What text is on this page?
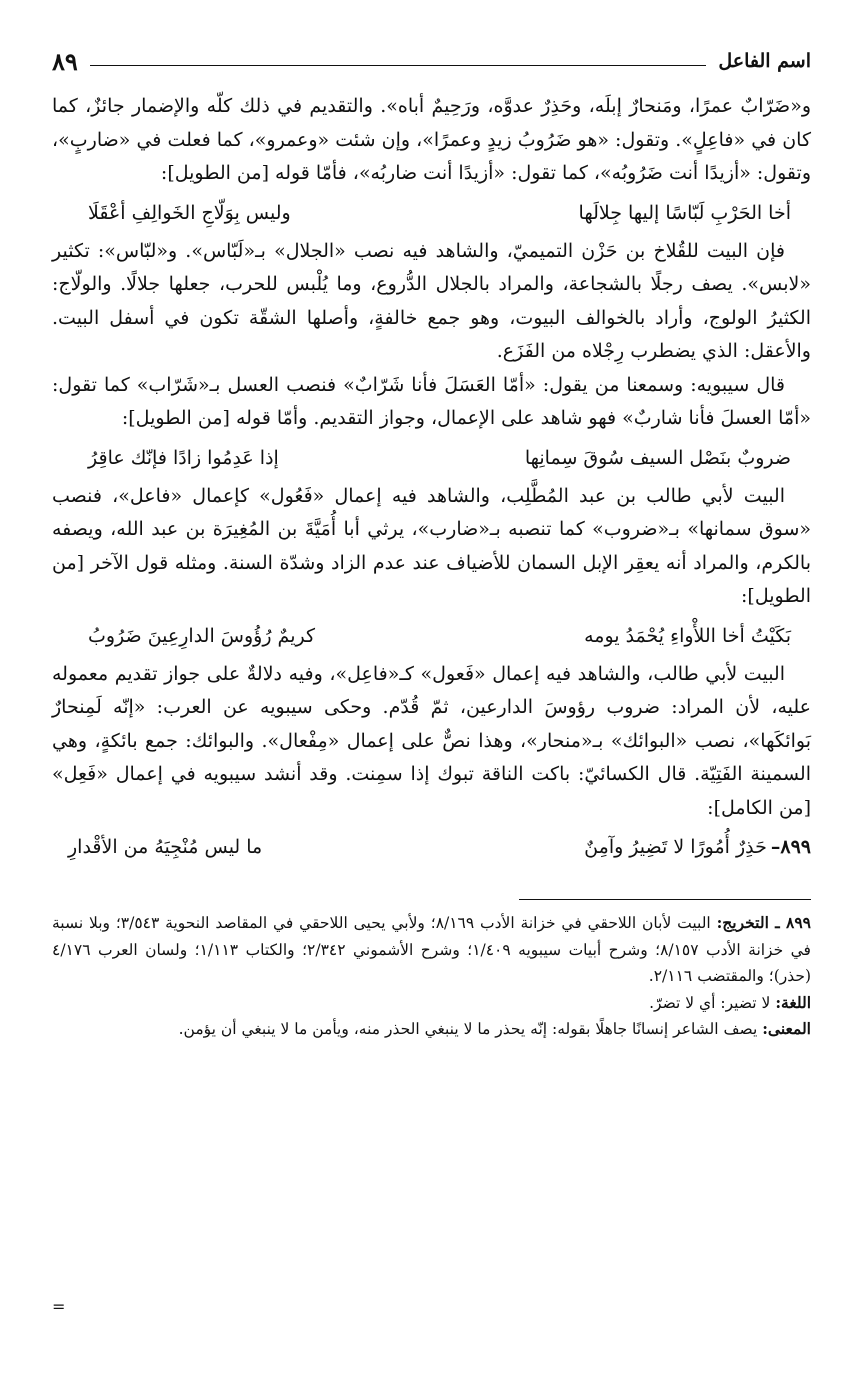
اسم الفاعل
٨٩

و«ضَرّابٌ عمرًا، ومَنحارٌ إبلَه، وحَذِرٌ عدوَّه، ورَحِيمٌ أباه». والتقديم في ذلك كلّه والإضمار جائزٌ، كما كان في «فاعِلٍ». وتقول: «هو ضَرُوبُ زيدٍ وعمرًا»، وإن شئت «وعمرو»، كما فعلت في «ضاربٍ»، وتقول: «أزيدًا أنت ضَرُوبُه»، كما تقول: «أزيدًا أنت ضاربُه»، فأمّا قوله [من الطويل]:

أخا الحَرْبِ لَبّاسًا إليها جِلالَها
وليس بِوَلّاجِ الخَوالِفِ أعْقَلَا

فإن البيت للقُلاخ بن حَزْن التميميّ، والشاهد فيه نصب «الجلال» بـ«لَبّاس». و«لبّاس»: تكثير «لابس». يصف رجلًا بالشجاعة، والمراد بالجلال الدُّروع، وما يُلْبس للحرب، جعلها جلالًا. والولّاج: الكثيرُ الولوج، وأراد بالخوالف البيوت، وهو جمع خالفةٍ، وأصلها الشقّة تكون في أسفل البيت. والأعقل: الذي يضطرب رِجْلاه من الفَزَع.

قال سيبويه: وسمعنا من يقول: «أمّا العَسَلَ فأنا شَرّابٌ» فنصب العسل بـ«شَرّاب» كما تقول: «أمّا العسلَ فأنا شاربٌ» فهو شاهد على الإعمال، وجواز التقديم. وأمّا قوله [من الطويل]:

ضروبٌ بنَصْل السيف سُوقَ سِمانِها
إذا عَدِمُوا زادًا فإنّك عاقِرُ

البيت لأبي طالب بن عبد المُطَّلِب، والشاهد فيه إعمال «فَعُول» كإعمال «فاعل»، فنصب «سوق سمانها» بـ«ضروب» كما تنصبه بـ«ضارب»، يرثي أبا أُمَيَّةَ بن المُغِيرَة بن عبد الله، ويصفه بالكرم، والمراد أنه يعقِر الإبل السمان للأضياف عند عدم الزاد وشدّة السنة. ومثله قول الآخر [من الطويل]:

بَكَيْتُ أخا اللأْواءِ يُحْمَدُ يومه
كريمٌ رُؤُوسَ الدارِعِينَ ضَرُوبُ

البيت لأبي طالب، والشاهد فيه إعمال «فَعول» كـ«فاعِل»، وفيه دلالةٌ على جواز تقديم معموله عليه، لأن المراد: ضروب رؤوسَ الدارعين، ثمّ قُدّم. وحكى سيبويه عن العرب: «إنّه لَمِنحارٌ بَوائكَها»، نصب «البوائك» بـ«منحار»، وهذا نصٌّ على إعمال «مِفْعال». والبوائك: جمع بائكةٍ، وهي السمينة الفَتِيّة. قال الكسائيّ: باكت الناقة تبوك إذا سمِنت. وقد أنشد سيبويه في إعمال «فَعِل» [من الكامل]:

٨٩٩–حَذِرٌ أُمُورًا لا تَضِيرُ وآمِنٌ
ما ليس مُنْجِيَهُ من الأقْدارِ

٨٩٩ ـ التخريج: البيت لأبان اللاحقي في خزانة الأدب ٨/١٦٩؛ ولأبي يحيى اللاحقي في المقاصد النحوية ٣/٥٤٣؛ وبلا نسبة في خزانة الأدب ٨/١٥٧؛ وشرح أبيات سيبويه ١/٤٠٩؛ وشرح الأشموني ٢/٣٤٢؛ والكتاب ١/١١٣؛ ولسان العرب ٤/١٧٦ (حذر)؛ والمقتضب ٢/١١٦.

اللغة: لا تضير: أي لا تضرّ.

المعنى: يصف الشاعر إنسانًا جاهلًا بقوله: إنّه يحذر ما لا ينبغي الحذر منه، ويأمن ما لا ينبغي أن يؤمن.

=
